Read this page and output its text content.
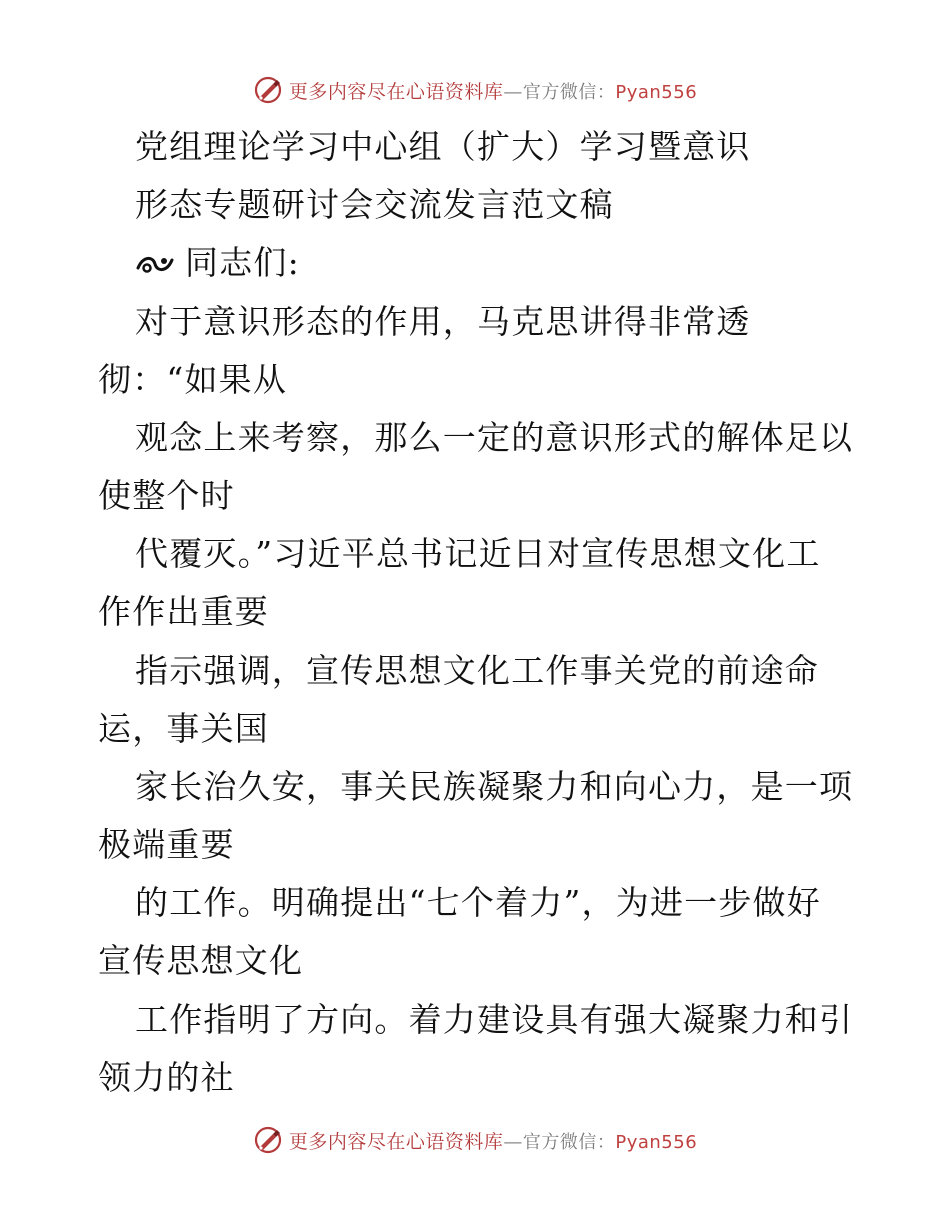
更多内容尽在心语资料库—官方微信：Pyan556
党组理论学习中心组（扩大）学习暨意识
形态专题研讨会交流发言范文稿
同志们:
对于意识形态的作用，马克思讲得非常透
彻：“如果从
观念上来考察，那么一定的意识形式的解体足以
使整个时
代覆灭。”习近平总书记近日对宣传思想文化工
作作出重要
指示强调，宣传思想文化工作事关党的前途命
运，事关国
家长治久安，事关民族凝聚力和向心力，是一项
极端重要
的工作。明确提出“七个着力”，为进一步做好
宣传思想文化
工作指明了方向。着力建设具有强大凝聚力和引
领力的社
更多内容尽在心语资料库—官方微信：Pyan556
